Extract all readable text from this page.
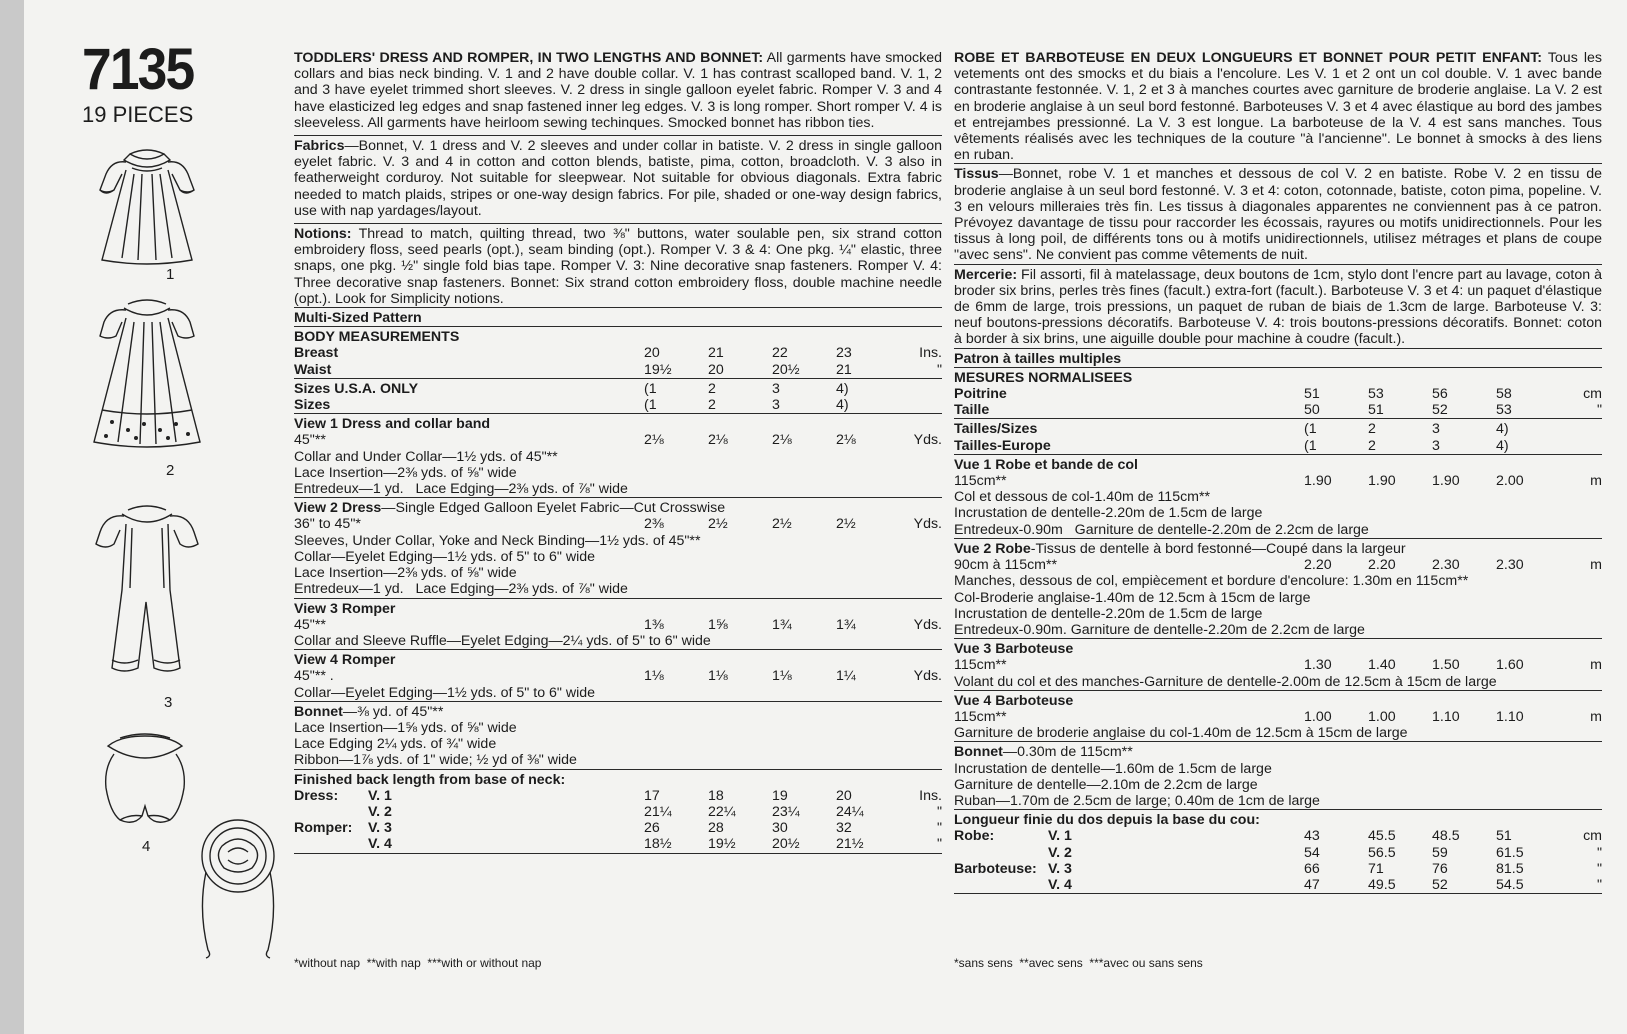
7135
19 PIECES
1
2
3
4

TODDLERS' DRESS AND ROMPER, IN TWO LENGTHS AND BONNET: All garments have smocked collars and bias neck binding. V. 1 and 2 have double collar. V. 1 has contrast scalloped band. V. 1, 2 and 3 have eyelet trimmed short sleeves. V. 2 dress in single galloon eyelet fabric. Romper V. 3 and 4 have elasticized leg edges and snap fastened inner leg edges. V. 3 is long romper. Short romper V. 4 is sleeveless. All garments have heirloom sewing techinques. Smocked bonnet has ribbon ties.

Fabrics—Bonnet, V. 1 dress and V. 2 sleeves and under collar in batiste. V. 2 dress in single galloon eyelet fabric. V. 3 and 4 in cotton and cotton blends, batiste, pima, cotton, broadcloth. V. 3 also in featherweight corduroy. Not suitable for sleepwear. Not suitable for obvious diagonals. Extra fabric needed to match plaids, stripes or one-way design fabrics. For pile, shaded or one-way design fabrics, use with nap yardages/layout.

Notions: Thread to match, quilting thread, two ⅜" buttons, water soulable pen, six strand cotton embroidery floss, seed pearls (opt.), seam binding (opt.). Romper V. 3 & 4: One pkg. ¼" elastic, three snaps, one pkg. ½" single fold bias tape. Romper V. 3: Nine decorative snap fasteners. Romper V. 4: Three decorative snap fasteners. Bonnet: Six strand cotton embroidery floss, double machine needle (opt.). Look for Simplicity notions.

Multi-Sized Pattern
BODY MEASUREMENTS
Breast	20	21	22	23	Ins.
Waist	19½	20	20½	21	"
Sizes U.S.A. ONLY	(1	2	3	4)
Sizes	(1	2	3	4)
View 1 Dress and collar band
45"**	2⅛	2⅛	2⅛	2⅛	Yds.
Collar and Under Collar—1½ yds. of 45"**
Lace Insertion—2⅜ yds. of ⅝" wide
Entredeux—1 yd.   Lace Edging—2⅜ yds. of ⅞" wide
View 2 Dress—Single Edged Galloon Eyelet Fabric—Cut Crosswise
36" to 45"*	2⅜	2½	2½	2½	Yds.
Sleeves, Under Collar, Yoke and Neck Binding—1½ yds. of 45"**
Collar—Eyelet Edging—1½ yds. of 5" to 6" wide
Lace Insertion—2⅜ yds. of ⅝" wide
Entredeux—1 yd.   Lace Edging—2⅜ yds. of ⅞" wide
View 3 Romper
45"**	1⅜	1⅝	1¾	1¾	Yds.
Collar and Sleeve Ruffle—Eyelet Edging—2¼ yds. of 5" to 6" wide
View 4 Romper
45"** .	1⅛	1⅛	1⅛	1¼	Yds.
Collar—Eyelet Edging—1½ yds. of 5" to 6" wide
Bonnet—⅜ yd. of 45"**
Lace Insertion—1⅝ yds. of ⅝" wide
Lace Edging 2¼ yds. of ¾" wide
Ribbon—1⅞ yds. of 1" wide; ½ yd of ⅜" wide
Finished back length from base of neck:
Dress: V. 1	17	18	19	20	Ins.
V. 2	21¼	22¼	23¼	24¼	"
Romper: V. 3	26	28	30	32	"
V. 4	18½	19½	20½	21½	"
*without nap  **with nap  ***with or without nap

ROBE ET BARBOTEUSE EN DEUX LONGUEURS ET BONNET POUR PETIT ENFANT: Tous les vetements ont des smocks et du biais a l'encolure. Les V. 1 et 2 ont un col double. V. 1 avec bande contrastante festonnée. V. 1, 2 et 3 à manches courtes avec garniture de broderie anglaise. La V. 2 est en broderie anglaise à un seul bord festonné. Barboteuses V. 3 et 4 avec élastique au bord des jambes et entrejambes pressionné. La V. 3 est longue. La barboteuse de la V. 4 est sans manches. Tous vêtements réalisés avec les techniques de la couture "à l'ancienne". Le bonnet à smocks à des liens en ruban.

Tissus—Bonnet, robe V. 1 et manches et dessous de col V. 2 en batiste. Robe V. 2 en tissu de broderie anglaise à un seul bord festonné. V. 3 et 4: coton, cotonnade, batiste, coton pima, popeline. V. 3 en velours milleraies très fin. Les tissus à diagonales apparentes ne conviennent pas à ce patron. Prévoyez davantage de tissu pour raccorder les écossais, rayures ou motifs unidirectionnels. Pour les tissus à long poil, de différents tons ou à motifs unidirectionnels, utilisez métrages et plans de coupe "avec sens". Ne convient pas comme vêtements de nuit.

Mercerie: Fil assorti, fil à matelassage, deux boutons de 1cm, stylo dont l'encre part au lavage, coton à broder six brins, perles très fines (facult.) extra-fort (facult.). Barboteuse V. 3 et 4: un paquet d'élastique de 6mm de large, trois pressions, un paquet de ruban de biais de 1.3cm de large. Barboteuse V. 3: neuf boutons-pressions décoratifs. Barboteuse V. 4: trois boutons-pressions décoratifs. Bonnet: coton à border à six brins, une aiguille double pour machine à coudre (facult.).

Patron à tailles multiples
MESURES NORMALISEES
Poitrine	51	53	56	58	cm
Taille	50	51	52	53	"
Tailles/Sizes	(1	2	3	4)
Tailles-Europe	(1	2	3	4)
Vue 1 Robe et bande de col
115cm**	1.90	1.90	1.90	2.00	m
Col et dessous de col-1.40m de 115cm**
Incrustation de dentelle-2.20m de 1.5cm de large
Entredeux-0.90m   Garniture de dentelle-2.20m de 2.2cm de large
Vue 2 Robe-Tissus de dentelle à bord festonné—Coupé dans la largeur
90cm à 115cm**	2.20	2.20	2.30	2.30	m
Manches, dessous de col, empiècement et bordure d'encolure: 1.30m en 115cm**
Col-Broderie anglaise-1.40m de 12.5cm à 15cm de large
Incrustation de dentelle-2.20m de 1.5cm de large
Entredeux-0.90m. Garniture de dentelle-2.20m de 2.2cm de large
Vue 3 Barboteuse
115cm**	1.30	1.40	1.50	1.60	m
Volant du col et des manches-Garniture de dentelle-2.00m de 12.5cm à 15cm de large
Vue 4 Barboteuse
115cm**	1.00	1.00	1.10	1.10	m
Garniture de broderie anglaise du col-1.40m de 12.5cm à 15cm de large
Bonnet—0.30m de 115cm**
Incrustation de dentelle—1.60m de 1.5cm de large
Garniture de dentelle—2.10m de 2.2cm de large
Ruban—1.70m de 2.5cm de large; 0.40m de 1cm de large
Longueur finie du dos depuis la base du cou:
Robe:	V. 1	43	45.5	48.5	51	cm
V. 2	54	56.5	59	61.5	"
Barboteuse: V. 3	66	71	76	81.5	"
V. 4	47	49.5	52	54.5	"
*sans sens  **avec sens  ***avec ou sans sens
